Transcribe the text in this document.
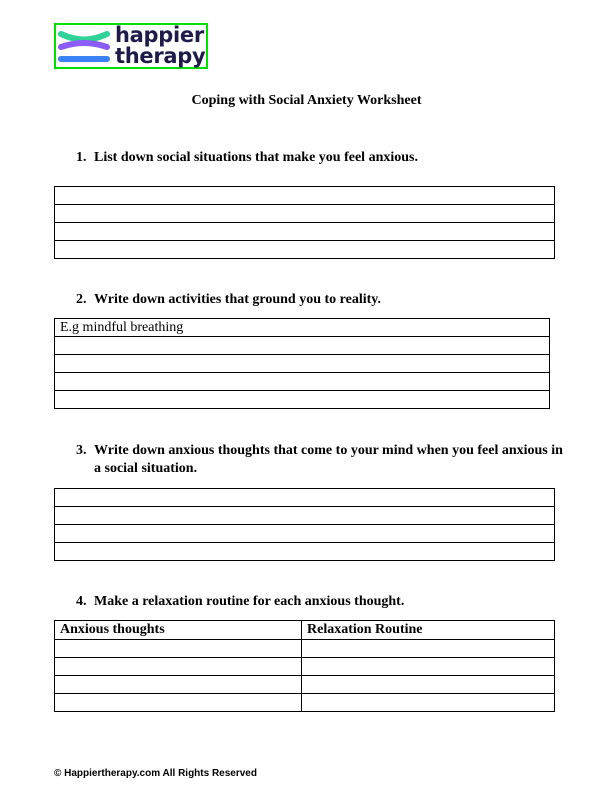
happier
therapy
Coping with Social Anxiety Worksheet
1. List down social situations that make you feel anxious.

2. Write down activities that ground you to reality.
E.g mindful breathing

3. Write down anxious thoughts that come to your mind when you feel anxious in a social situation.

4. Make a relaxation routine for each anxious thought.
Anxious thoughts	Relaxation Routine

© Happiertherapy.com All Rights Reserved
